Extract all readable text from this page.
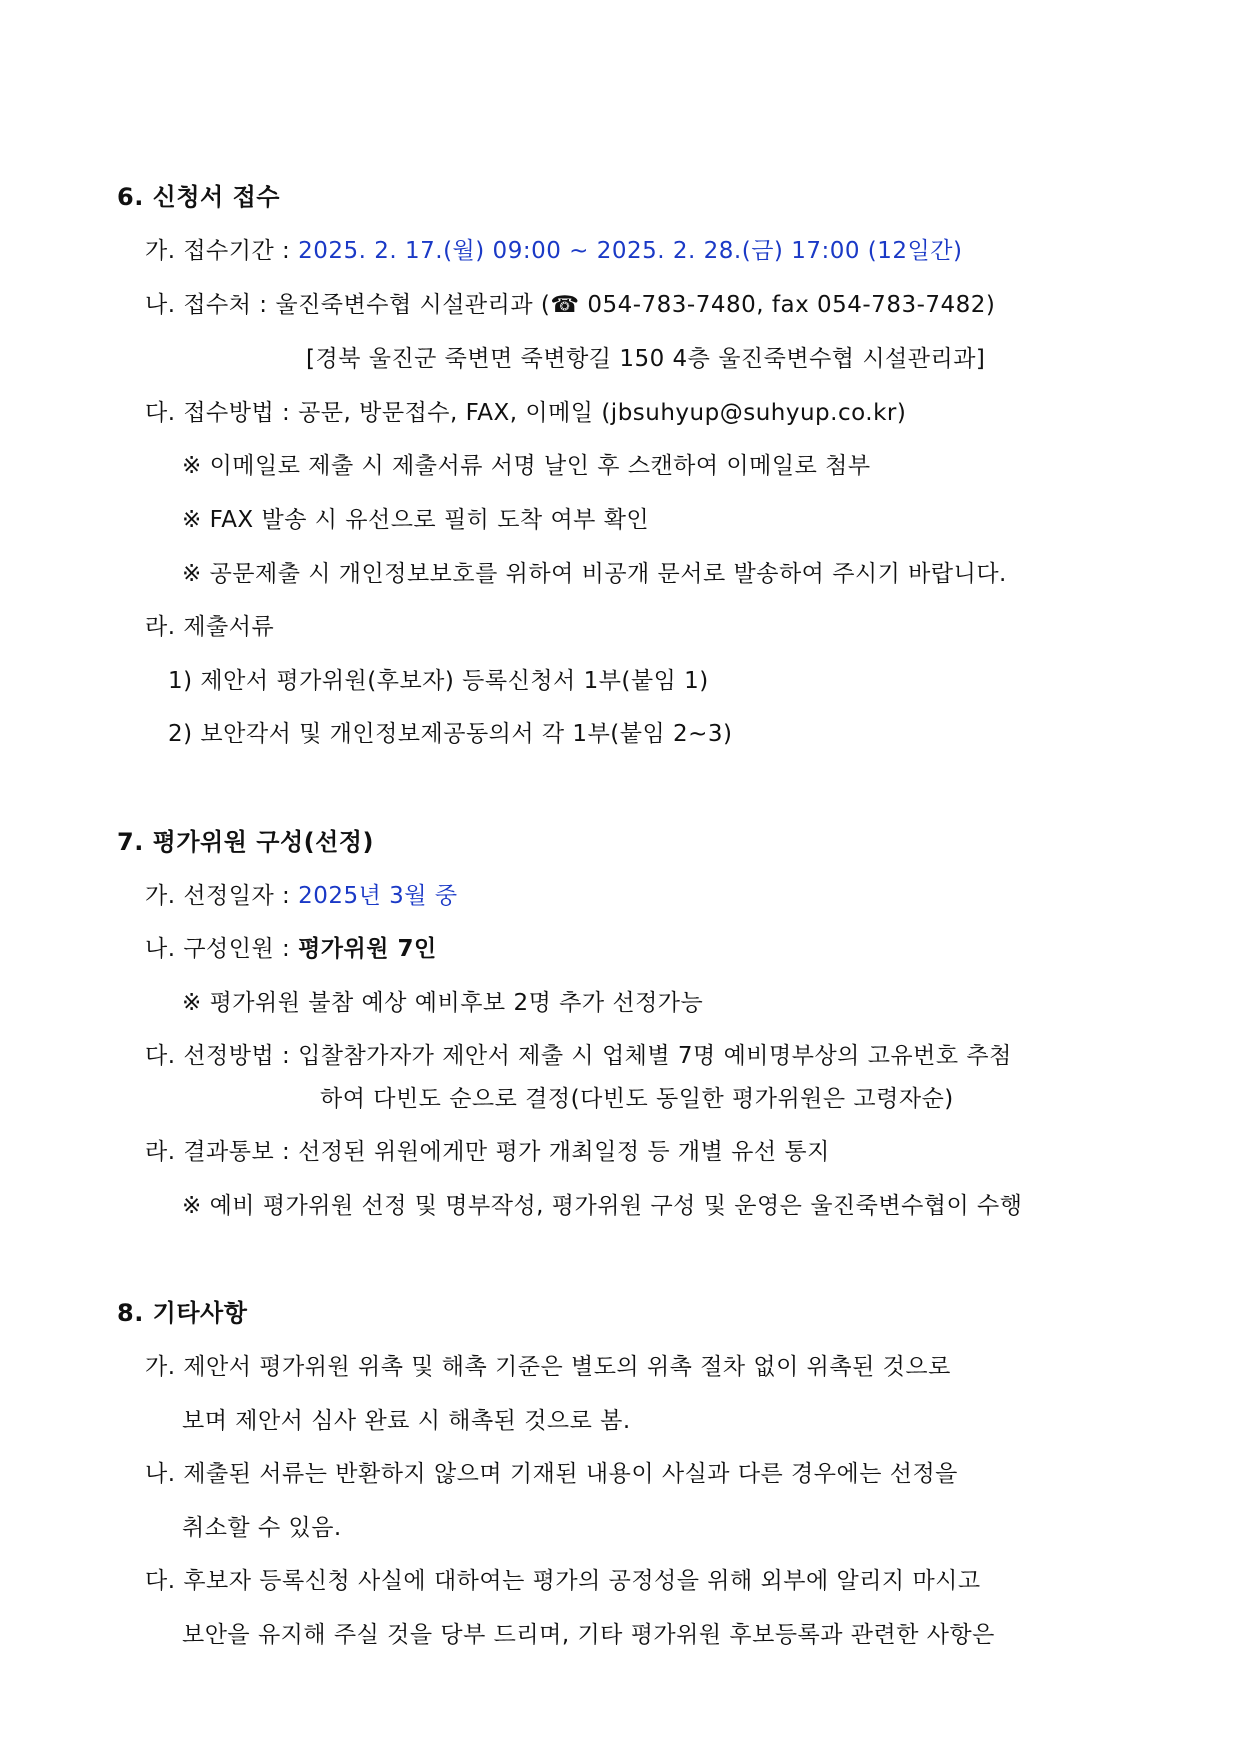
6. 신청서 접수
가. 접수기간 : 2025. 2. 17.(월) 09:00 ~ 2025. 2. 28.(금) 17:00 (12일간)
나. 접수처 : 울진죽변수협 시설관리과 (☎ 054-783-7480, fax 054-783-7482)
[경북 울진군 죽변면 죽변항길 150 4층 울진죽변수협 시설관리과]
다. 접수방법 : 공문, 방문접수, FAX, 이메일 (jbsuhyup@suhyup.co.kr)
※ 이메일로 제출 시 제출서류 서명 날인 후 스캔하여 이메일로 첨부
※ FAX 발송 시 유선으로 필히 도착 여부 확인
※ 공문제출 시 개인정보보호를 위하여 비공개 문서로 발송하여 주시기 바랍니다.
라. 제출서류
1) 제안서 평가위원(후보자) 등록신청서 1부(붙임 1)
2) 보안각서 및 개인정보제공동의서 각 1부(붙임 2~3)
7. 평가위원 구성(선정)
가. 선정일자 : 2025년 3월 중
나. 구성인원 : 평가위원 7인
※ 평가위원 불참 예상 예비후보 2명 추가 선정가능
다. 선정방법 : 입찰참가자가 제안서 제출 시 업체별 7명 예비명부상의 고유번호 추첨
하여 다빈도 순으로 결정(다빈도 동일한 평가위원은 고령자순)
라. 결과통보 : 선정된 위원에게만 평가 개최일정 등 개별 유선 통지
※ 예비 평가위원 선정 및 명부작성, 평가위원 구성 및 운영은 울진죽변수협이 수행
8. 기타사항
가. 제안서 평가위원 위촉 및 해촉 기준은 별도의 위촉 절차 없이 위촉된 것으로
보며 제안서 심사 완료 시 해촉된 것으로 봄.
나. 제출된 서류는 반환하지 않으며 기재된 내용이 사실과 다른 경우에는 선정을
취소할 수 있음.
다. 후보자 등록신청 사실에 대하여는 평가의 공정성을 위해 외부에 알리지 마시고
보안을 유지해 주실 것을 당부 드리며, 기타 평가위원 후보등록과 관련한 사항은
